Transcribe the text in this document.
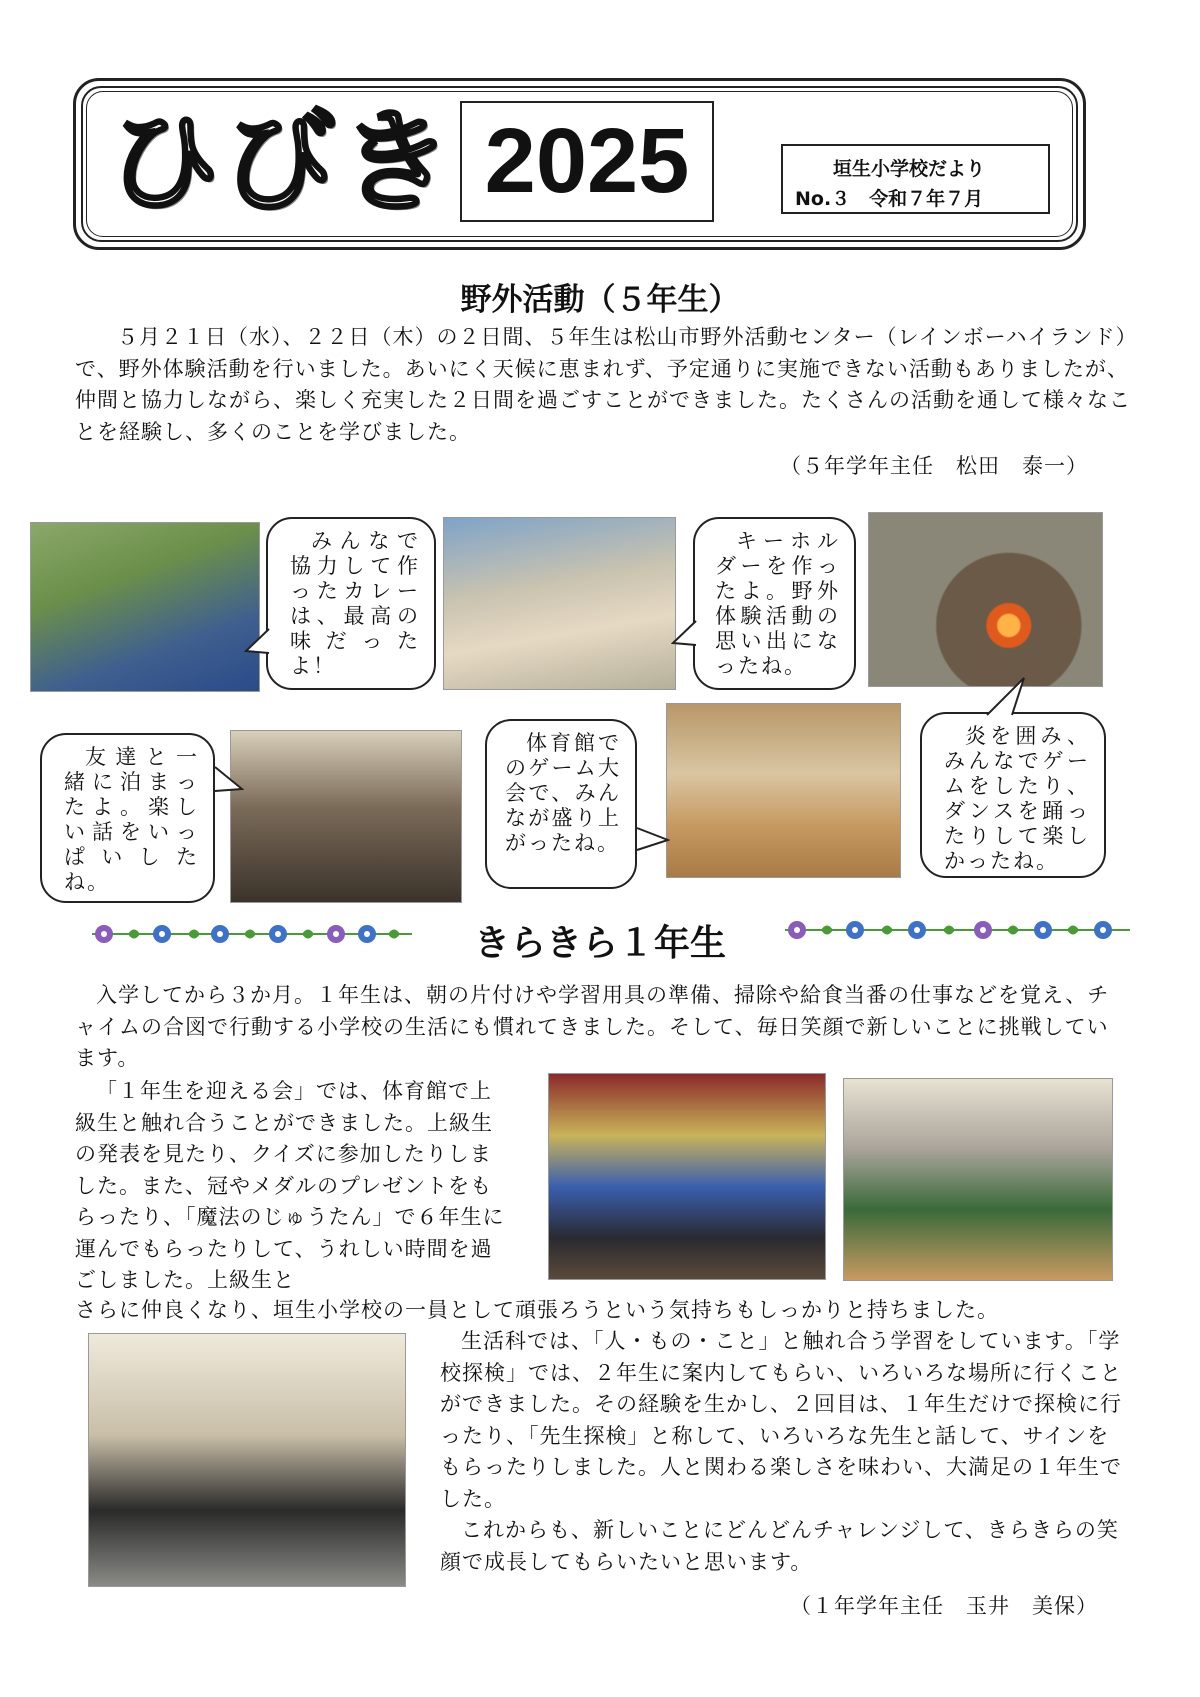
ひびき 2025	垣生小学校だより
No.３　令和７年７月
野外活動（５年生）
５月２１日（水）、２２日（木）の２日間、５年生は松山市野外活動センター（レインボーハイランド）で、野外体験活動を行いました。あいにく天候に恵まれず、予定通りに実施できない活動もありましたが、仲間と協力しながら、楽しく充実した２日間を過ごすことができました。たくさんの活動を通して様々なことを経験し、多くのことを学びました。
（５年学年主任　松田　泰一）
みんなで協力して作ったカレーは、最高の味だったよ！
キーホルダーを作ったよ。野外体験活動の思い出になったね。
友達と一緒に泊まったよ。楽しい話をいっぱいしたね。
体育館でのゲーム大会で、みんなが盛り上がったね。
炎を囲み、みんなでゲームをしたり、ダンスを踊ったりして楽しかったね。
きらきら１年生
入学してから３か月。１年生は、朝の片付けや学習用具の準備、掃除や給食当番の仕事などを覚え、チャイムの合図で行動する小学校の生活にも慣れてきました。そして、毎日笑顔で新しいことに挑戦しています。
「１年生を迎える会」では、体育館で上級生と触れ合うことができました。上級生の発表を見たり、クイズに参加したりしました。また、冠やメダルのプレゼントをもらったり、「魔法のじゅうたん」で６年生に運んでもらったりして、うれしい時間を過ごしました。上級生と
さらに仲良くなり、垣生小学校の一員として頑張ろうという気持ちもしっかりと持ちました。
生活科では、「人・もの・こと」と触れ合う学習をしています。「学校探検」では、２年生に案内してもらい、いろいろな場所に行くことができました。その経験を生かし、２回目は、１年生だけで探検に行ったり、「先生探検」と称して、いろいろな先生と話して、サインをもらったりしました。人と関わる楽しさを味わい、大満足の１年生でした。
これからも、新しいことにどんどんチャレンジして、きらきらの笑顔で成長してもらいたいと思います。
（１年学年主任　玉井　美保）
